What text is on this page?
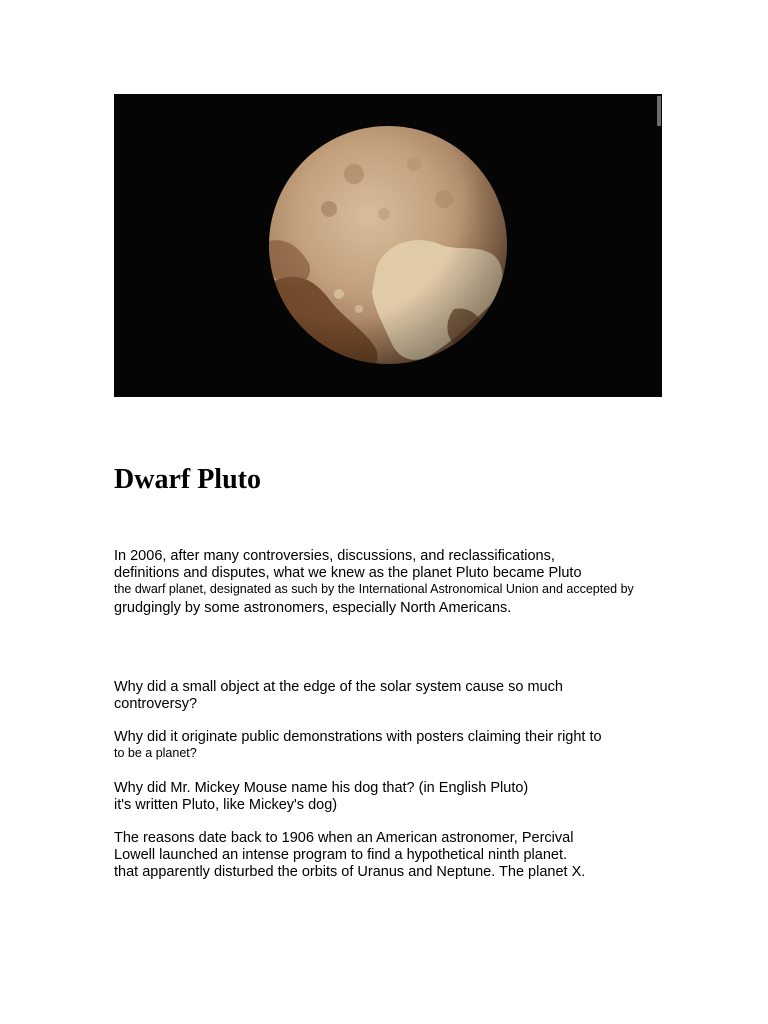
Dwarf Pluto

In 2006, after many controversies, discussions, and reclassifications,
definitions and disputes, what we knew as the planet Pluto became Pluto
the dwarf planet, designated as such by the International Astronomical Union and accepted by
grudgingly by some astronomers, especially North Americans.

Why did a small object at the edge of the solar system cause so much
controversy?

Why did it originate public demonstrations with posters claiming their right to
to be a planet?

Why did Mr. Mickey Mouse name his dog that? (in English Pluto)
it's written Pluto, like Mickey's dog)

The reasons date back to 1906 when an American astronomer, Percival
Lowell launched an intense program to find a hypothetical ninth planet.
that apparently disturbed the orbits of Uranus and Neptune. The planet X.
